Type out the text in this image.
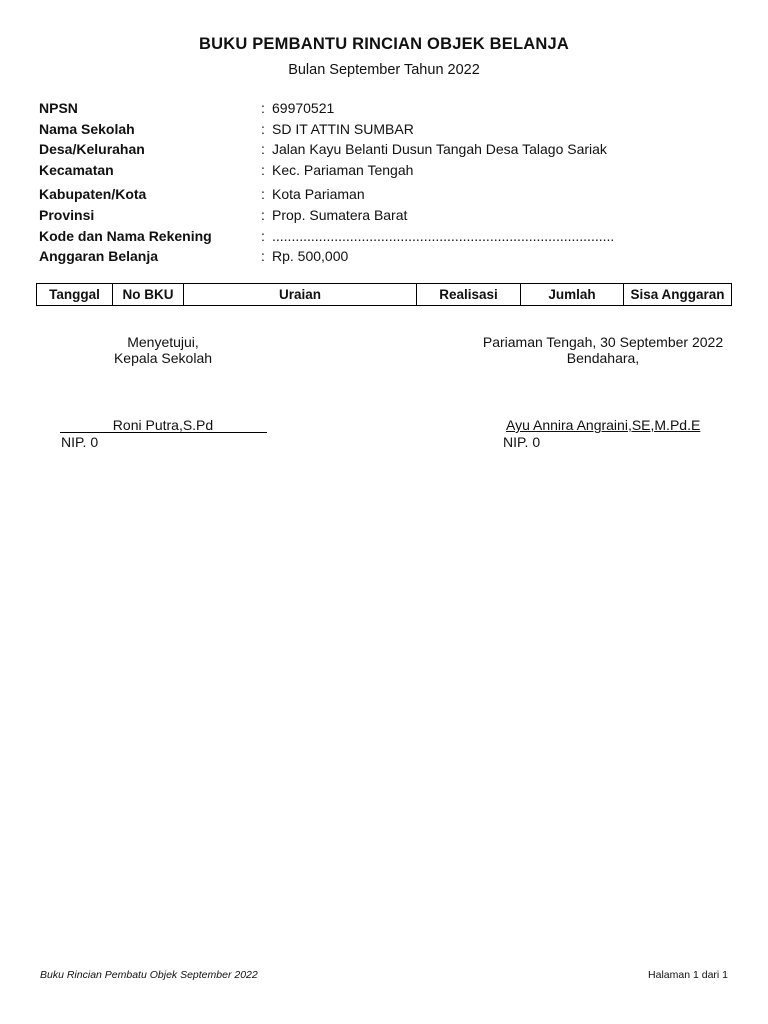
BUKU PEMBANTU RINCIAN OBJEK BELANJA
Bulan September Tahun 2022
NPSN	: 69970521
Nama Sekolah	: SD IT ATTIN SUMBAR
Desa/Kelurahan	: Jalan Kayu Belanti Dusun Tangah Desa Talago Sariak
Kecamatan	: Kec. Pariaman Tengah
Kabupaten/Kota	: Kota Pariaman
Provinsi	: Prop. Sumatera Barat
Kode dan Nama Rekening	: ........................................................................................
Anggaran Belanja	: Rp. 500,000
Tanggal	No BKU	Uraian	Realisasi	Jumlah	Sisa Anggaran
Menyetujui,
Kepala Sekolah
Roni Putra,S.Pd
NIP. 0
Pariaman Tengah, 30 September 2022
Bendahara,
Ayu Annira Angraini,SE,M.Pd.E
NIP. 0
Buku Rincian Pembatu Objek September 2022	Halaman 1 dari 1
